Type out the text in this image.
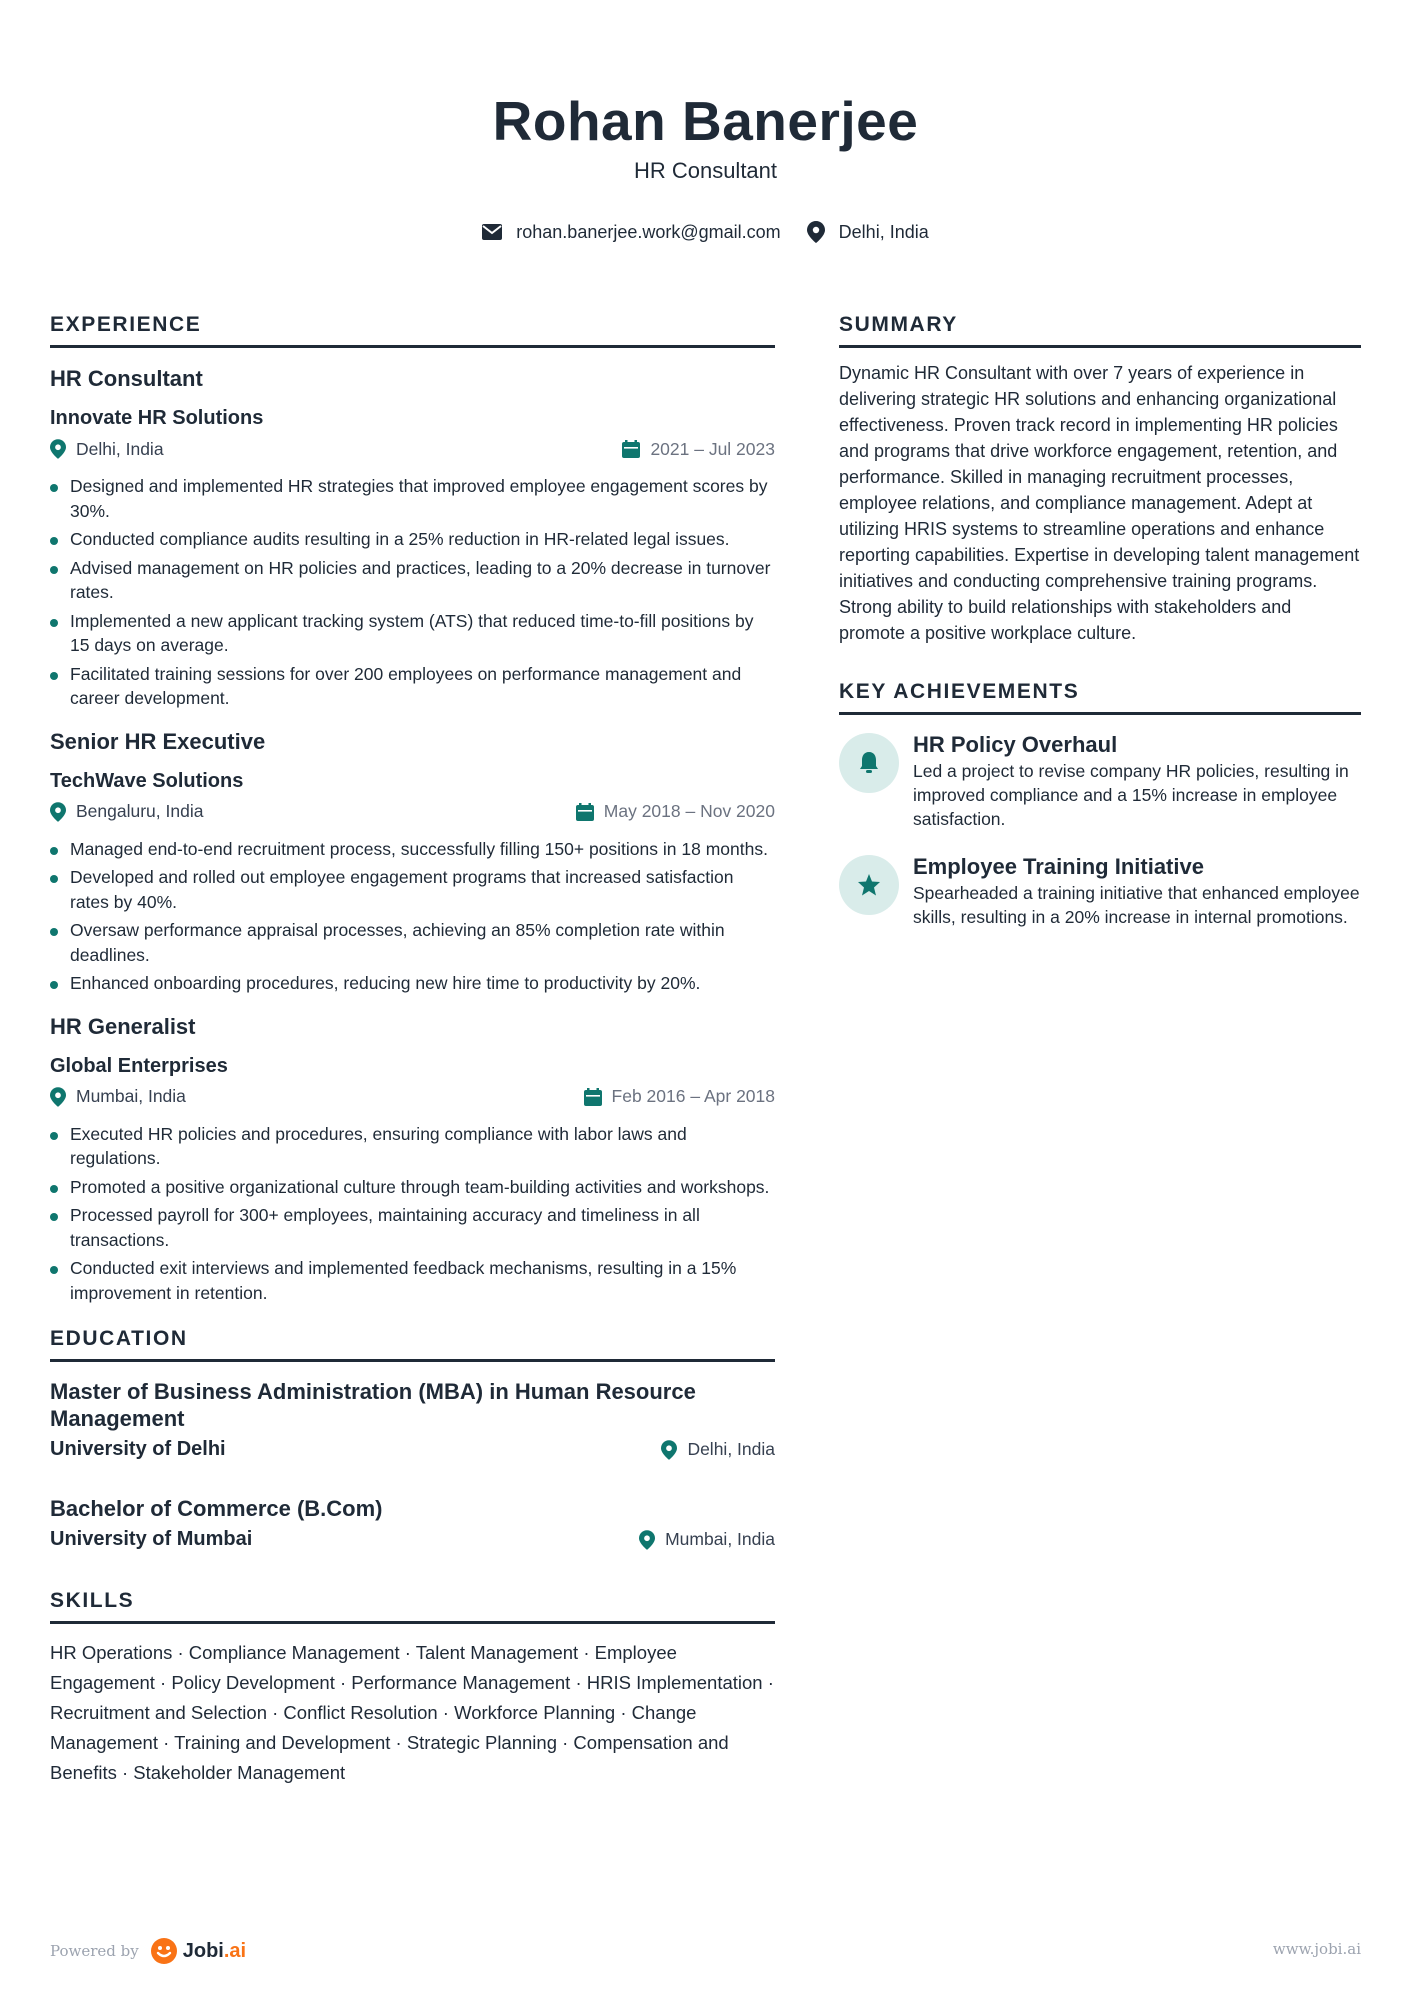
Rohan Banerjee
HR Consultant
rohan.banerjee.work@gmail.com	Delhi, India
EXPERIENCE
HR Consultant
Innovate HR Solutions
Delhi, India	2021 – Jul 2023
Designed and implemented HR strategies that improved employee engagement scores by 30%.
Conducted compliance audits resulting in a 25% reduction in HR-related legal issues.
Advised management on HR policies and practices, leading to a 20% decrease in turnover rates.
Implemented a new applicant tracking system (ATS) that reduced time-to-fill positions by 15 days on average.
Facilitated training sessions for over 200 employees on performance management and career development.
Senior HR Executive
TechWave Solutions
Bengaluru, India	May 2018 – Nov 2020
Managed end-to-end recruitment process, successfully filling 150+ positions in 18 months.
Developed and rolled out employee engagement programs that increased satisfaction rates by 40%.
Oversaw performance appraisal processes, achieving an 85% completion rate within deadlines.
Enhanced onboarding procedures, reducing new hire time to productivity by 20%.
HR Generalist
Global Enterprises
Mumbai, India	Feb 2016 – Apr 2018
Executed HR policies and procedures, ensuring compliance with labor laws and regulations.
Promoted a positive organizational culture through team-building activities and workshops.
Processed payroll for 300+ employees, maintaining accuracy and timeliness in all transactions.
Conducted exit interviews and implemented feedback mechanisms, resulting in a 15% improvement in retention.
EDUCATION
Master of Business Administration (MBA) in Human Resource Management
University of Delhi	Delhi, India
Bachelor of Commerce (B.Com)
University of Mumbai	Mumbai, India
SKILLS
HR Operations · Compliance Management · Talent Management · Employee Engagement · Policy Development · Performance Management · HRIS Implementation · Recruitment and Selection · Conflict Resolution · Workforce Planning · Change Management · Training and Development · Strategic Planning · Compensation and Benefits · Stakeholder Management
SUMMARY
Dynamic HR Consultant with over 7 years of experience in delivering strategic HR solutions and enhancing organizational effectiveness. Proven track record in implementing HR policies and programs that drive workforce engagement, retention, and performance. Skilled in managing recruitment processes, employee relations, and compliance management. Adept at utilizing HRIS systems to streamline operations and enhance reporting capabilities. Expertise in developing talent management initiatives and conducting comprehensive training programs. Strong ability to build relationships with stakeholders and promote a positive workplace culture.
KEY ACHIEVEMENTS
HR Policy Overhaul
Led a project to revise company HR policies, resulting in improved compliance and a 15% increase in employee satisfaction.
Employee Training Initiative
Spearheaded a training initiative that enhanced employee skills, resulting in a 20% increase in internal promotions.
Powered by Jobi.ai	www.jobi.ai
